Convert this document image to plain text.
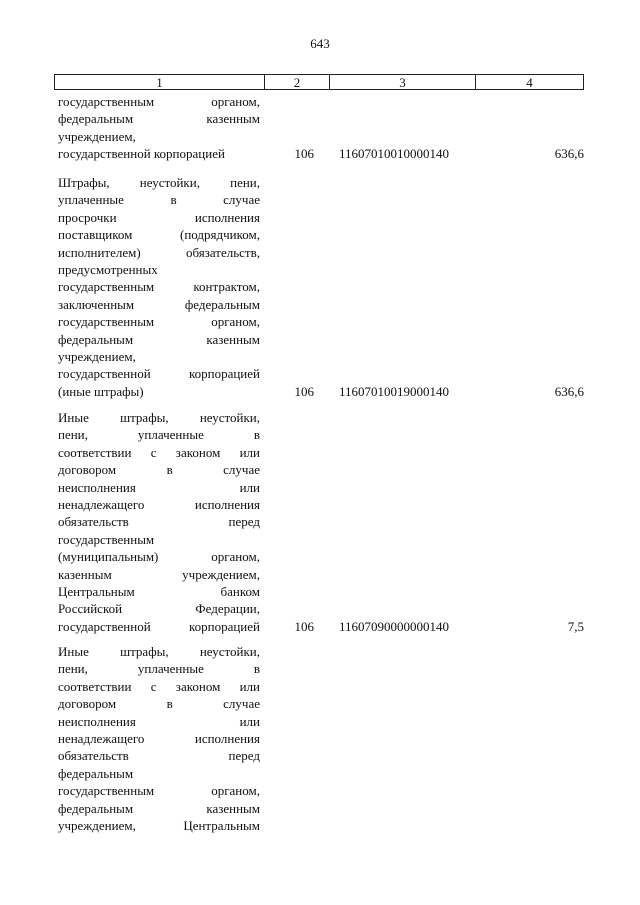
643
1	2	3	4
государственным органом,
федеральным казенным
учреждением,
государственной корпорацией	106 11607010010000140	636,6
Штрафы, неустойки, пени,
уплаченные в случае
просрочки исполнения
поставщиком (подрядчиком,
исполнителем) обязательств,
предусмотренных
государственным контрактом,
заключенным федеральным
государственным органом,
федеральным казенным
учреждением,
государственной корпорацией
(иные штрафы)	106 11607010019000140	636,6
Иные штрафы, неустойки,
пени, уплаченные в
соответствии с законом или
договором в случае
неисполнения или
ненадлежащего исполнения
обязательств перед
государственным
(муниципальным) органом,
казенным учреждением,
Центральным банком
Российской Федерации,
государственной корпорацией	106 11607090000000140	7,5
Иные штрафы, неустойки,
пени, уплаченные в
соответствии с законом или
договором в случае
неисполнения или
ненадлежащего исполнения
обязательств перед
федеральным
государственным органом,
федеральным казенным
учреждением, Центральным
